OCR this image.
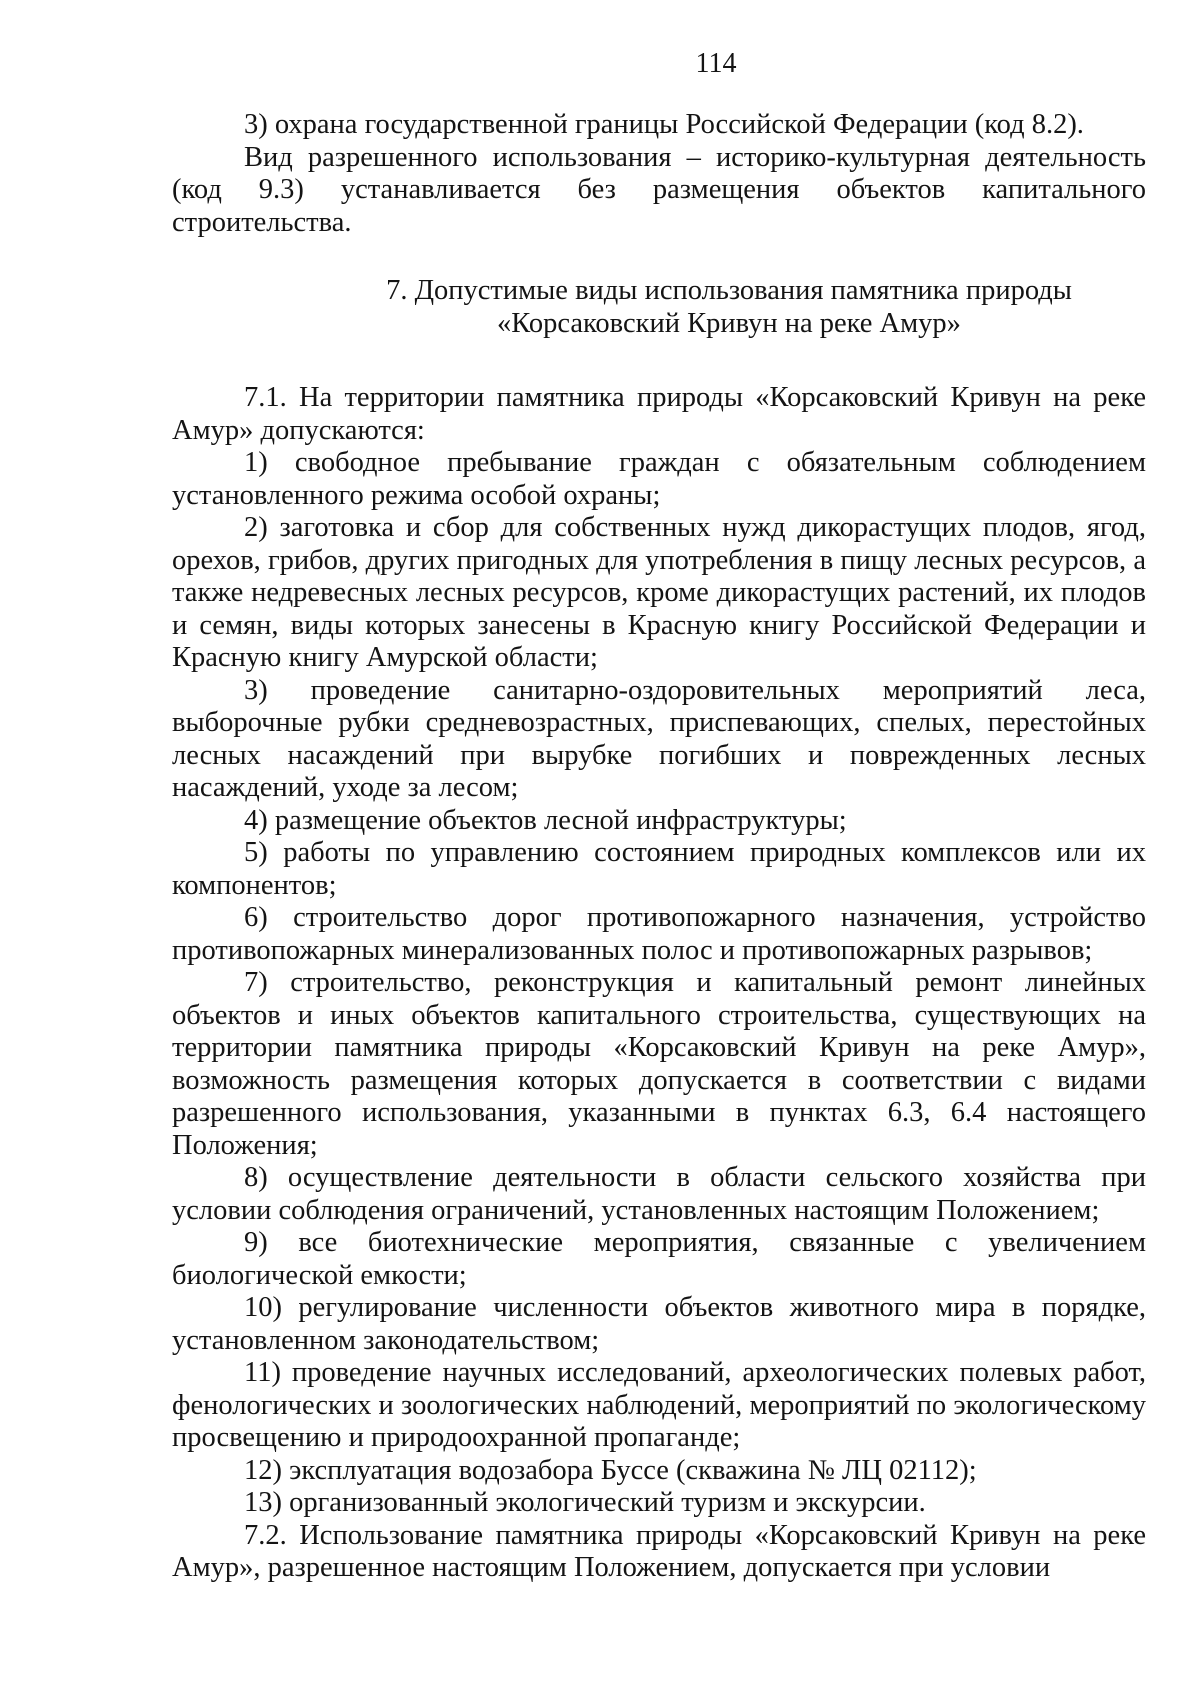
114

3) охрана государственной границы Российской Федерации (код 8.2).

Вид разрешенного использования – историко-культурная деятельность (код 9.3) устанавливается без размещения объектов капитального строительства.

7. Допустимые виды использования памятника природы
«Корсаковский Кривун на реке Амур»

7.1. На территории памятника природы «Корсаковский Кривун на реке Амур» допускаются:

1) свободное пребывание граждан с обязательным соблюдением установленного режима особой охраны;

2) заготовка и сбор для собственных нужд дикорастущих плодов, ягод, орехов, грибов, других пригодных для употребления в пищу лесных ресурсов, а также недревесных лесных ресурсов, кроме дикорастущих растений, их плодов и семян, виды которых занесены в Красную книгу Российской Федерации и Красную книгу Амурской области;

3) проведение санитарно-оздоровительных мероприятий леса, выборочные рубки средневозрастных, приспевающих, спелых, перестойных лесных насаждений при вырубке погибших и поврежденных лесных насаждений, уходе за лесом;

4) размещение объектов лесной инфраструктуры;

5) работы по управлению состоянием природных комплексов или их компонентов;

6) строительство дорог противопожарного назначения, устройство противопожарных минерализованных полос и противопожарных разрывов;

7) строительство, реконструкция и капитальный ремонт линейных объектов и иных объектов капитального строительства, существующих на территории памятника природы «Корсаковский Кривун на реке Амур», возможность размещения которых допускается в соответствии с видами разрешенного использования, указанными в пунктах 6.3, 6.4 настоящего Положения;

8) осуществление деятельности в области сельского хозяйства при условии соблюдения ограничений, установленных настоящим Положением;

9) все биотехнические мероприятия, связанные с увеличением биологической емкости;

10) регулирование численности объектов животного мира в порядке, установленном законодательством;

11) проведение научных исследований, археологических полевых работ, фенологических и зоологических наблюдений, мероприятий по экологическому просвещению и природоохранной пропаганде;

12) эксплуатация водозабора Буссе (скважина № ЛЦ 02112);

13) организованный экологический туризм и экскурсии.

7.2. Использование памятника природы «Корсаковский Кривун на реке Амур», разрешенное настоящим Положением, допускается при условии
